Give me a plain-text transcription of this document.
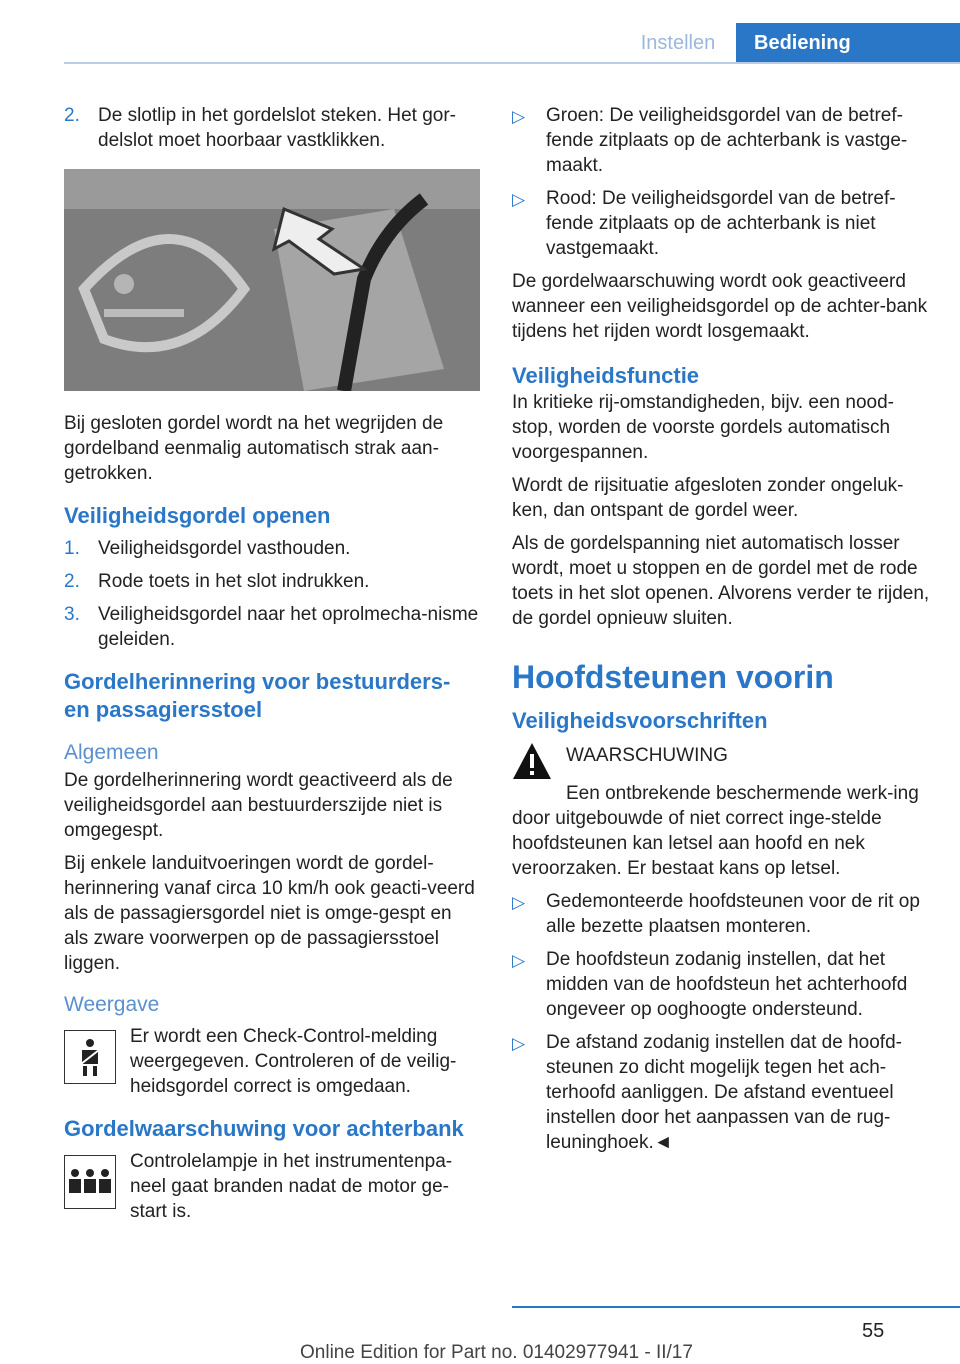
Instellen	Bediening
2. De slotlip in het gordelslot steken. Het gor-delslot moet hoorbaar vastklikken.

Bij gesloten gordel wordt na het wegrijden de gordelband eenmalig automatisch strak aan-getrokken.

Veiligheidsgordel openen
1. Veiligheidsgordel vasthouden.
2. Rode toets in het slot indrukken.
3. Veiligheidsgordel naar het oprolmecha-nisme geleiden.
Gordelherinnering voor bestuurders- en passagiersstoel
Algemeen

De gordelherinnering wordt geactiveerd als de veiligheidsgordel aan bestuurderszijde niet is omgegespt.

Bij enkele landuitvoeringen wordt de gordel-herinnering vanaf circa 10 km/h ook geacti-veerd als de passagiersgordel niet is omge-gespt en als zware voorwerpen op de passagiersstoel liggen.

Weergave
Er wordt een Check-Control-melding weergegeven. Controleren of de veilig-heidsgordel correct is omgedaan.
Gordelwaarschuwing voor achterbank
Controlelampje in het instrumentenpa-neel gaat branden nadat de motor ge-start is.
▷ Groen: De veiligheidsgordel van de betref-fende zitplaats op de achterbank is vastge-maakt.
▷ Rood: De veiligheidsgordel van de betref-fende zitplaats op de achterbank is niet vastgemaakt.

De gordelwaarschuwing wordt ook geactiveerd wanneer een veiligheidsgordel op de achter-bank tijdens het rijden wordt losgemaakt.

Veiligheidsfunctie

In kritieke rij-omstandigheden, bijv. een nood-stop, worden de voorste gordels automatisch voorgespannen.

Wordt de rijsituatie afgesloten zonder ongeluk-ken, dan ontspant de gordel weer.

Als de gordelspanning niet automatisch losser wordt, moet u stoppen en de gordel met de rode toets in het slot openen. Alvorens verder te rijden, de gordel opnieuw sluiten.

Hoofdsteunen voorin
Veiligheidsvoorschriften
WAARSCHUWING

Een ontbrekende beschermende werk-ing door uitgebouwde of niet correct inge-stelde hoofdsteunen kan letsel aan hoofd en nek veroorzaken. Er bestaat kans op letsel.

▷ Gedemonteerde hoofdsteunen voor de rit op alle bezette plaatsen monteren.
▷ De hoofdsteun zodanig instellen, dat het midden van de hoofdsteun het achterhoofd ongeveer op ooghoogte ondersteund.
▷ De afstand zodanig instellen dat de hoofd-steunen zo dicht mogelijk tegen het ach-terhoofd aanliggen. De afstand eventueel instellen door het aanpassen van de rug-leuninghoek.◄
55
Online Edition for Part no. 01402977941 - II/17
